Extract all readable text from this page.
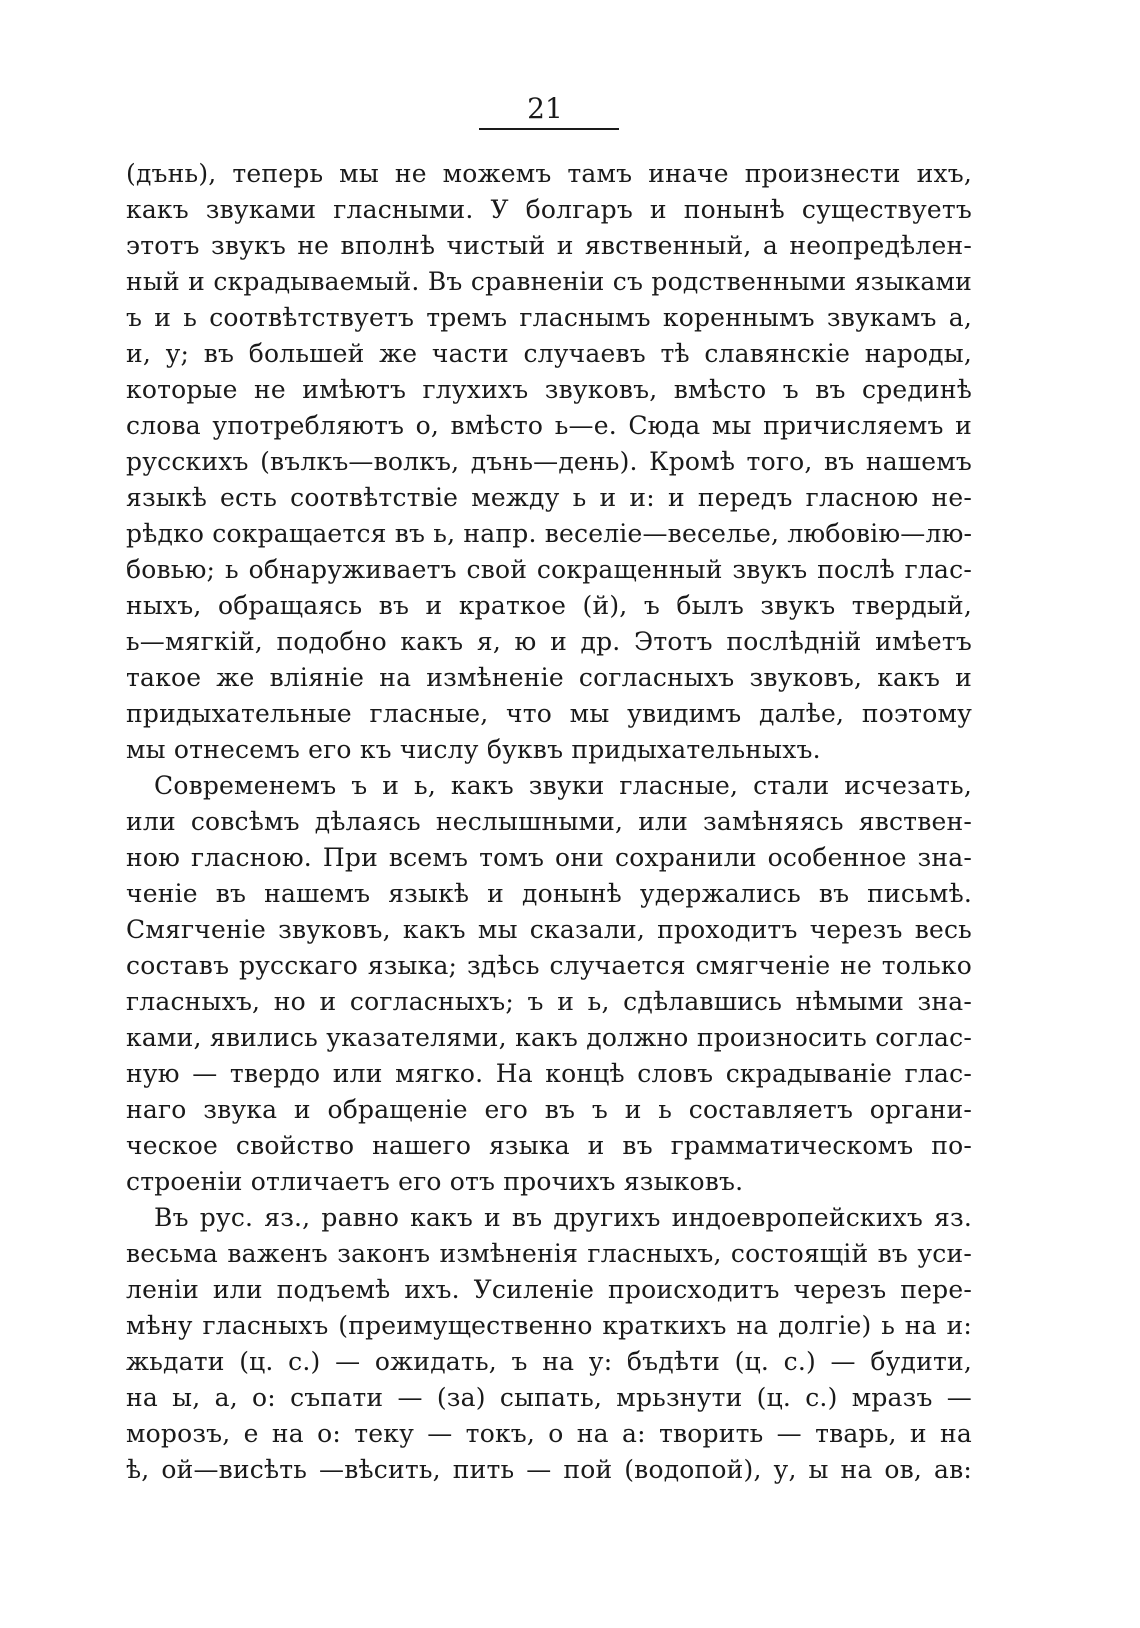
21
(дънь), теперь мы не можемъ тамъ иначе произнести ихъ,
какъ звуками гласными. У болгаръ и понынѣ существуетъ
этотъ звукъ не вполнѣ чистый и явственный, а неопредѣлен-
ный и скрадываемый. Въ сравненіи съ родственными языками
ъ и ь соотвѣтствуетъ тремъ гласнымъ кореннымъ звукамъ а,
и, у; въ большей же части случаевъ тѣ славянскіе народы,
которые не имѣютъ глухихъ звуковъ, вмѣсто ъ въ срединѣ
слова употребляютъ о, вмѣсто ь—е. Сюда мы причисляемъ и
русскихъ (вълкъ—волкъ, дънь—день). Кромѣ того, въ нашемъ
языкѣ есть соотвѣтствіе между ь и и: и передъ гласною не-
рѣдко сокращается въ ь, напр. веселіе—веселье, любовію—лю-
бовью; ь обнаруживаетъ свой сокращенный звукъ послѣ глас-
ныхъ, обращаясь въ и краткое (й), ъ былъ звукъ твердый,
ь—мягкій, подобно какъ я, ю и др. Этотъ послѣдній имѣетъ
такое же вліяніе на измѣненіе согласныхъ звуковъ, какъ и
придыхательные гласные, что мы увидимъ далѣе, поэтому
мы отнесемъ его къ числу буквъ придыхательныхъ.
Современемъ ъ и ь, какъ звуки гласные, стали исчезать,
или совсѣмъ дѣлаясь неслышными, или замѣняясь явствен-
ною гласною. При всемъ томъ они сохранили особенное зна-
ченіе въ нашемъ языкѣ и донынѣ удержались въ письмѣ.
Смягченіе звуковъ, какъ мы сказали, проходитъ черезъ весь
составъ русскаго языка; здѣсь случается смягченіе не только
гласныхъ, но и согласныхъ; ъ и ь, сдѣлавшись нѣмыми зна-
ками, явились указателями, какъ должно произносить соглас-
ную — твердо или мягко. На концѣ словъ скрадываніе глас-
наго звука и обращеніе его въ ъ и ь составляетъ органи-
ческое свойство нашего языка и въ грамматическомъ по-
строеніи отличаетъ его отъ прочихъ языковъ.
Въ рус. яз., равно какъ и въ другихъ индоевропейскихъ яз.
весьма важенъ законъ измѣненія гласныхъ, состоящій въ уси-
леніи или подъемѣ ихъ. Усиленіе происходитъ черезъ пере-
мѣну гласныхъ (преимущественно краткихъ на долгіе) ь на и:
жьдати (ц. с.) — ожидать, ъ на у: бъдѣти (ц. с.) — будити,
на ы, а, о: съпати — (за) сыпать, мрьзнути (ц. с.) мразъ —
морозъ, е на о: теку — токъ, о на а: творить — тварь, и на
ѣ, ой—висѣть —вѣсить, пить — пой (водопой), у, ы на ов, ав:
